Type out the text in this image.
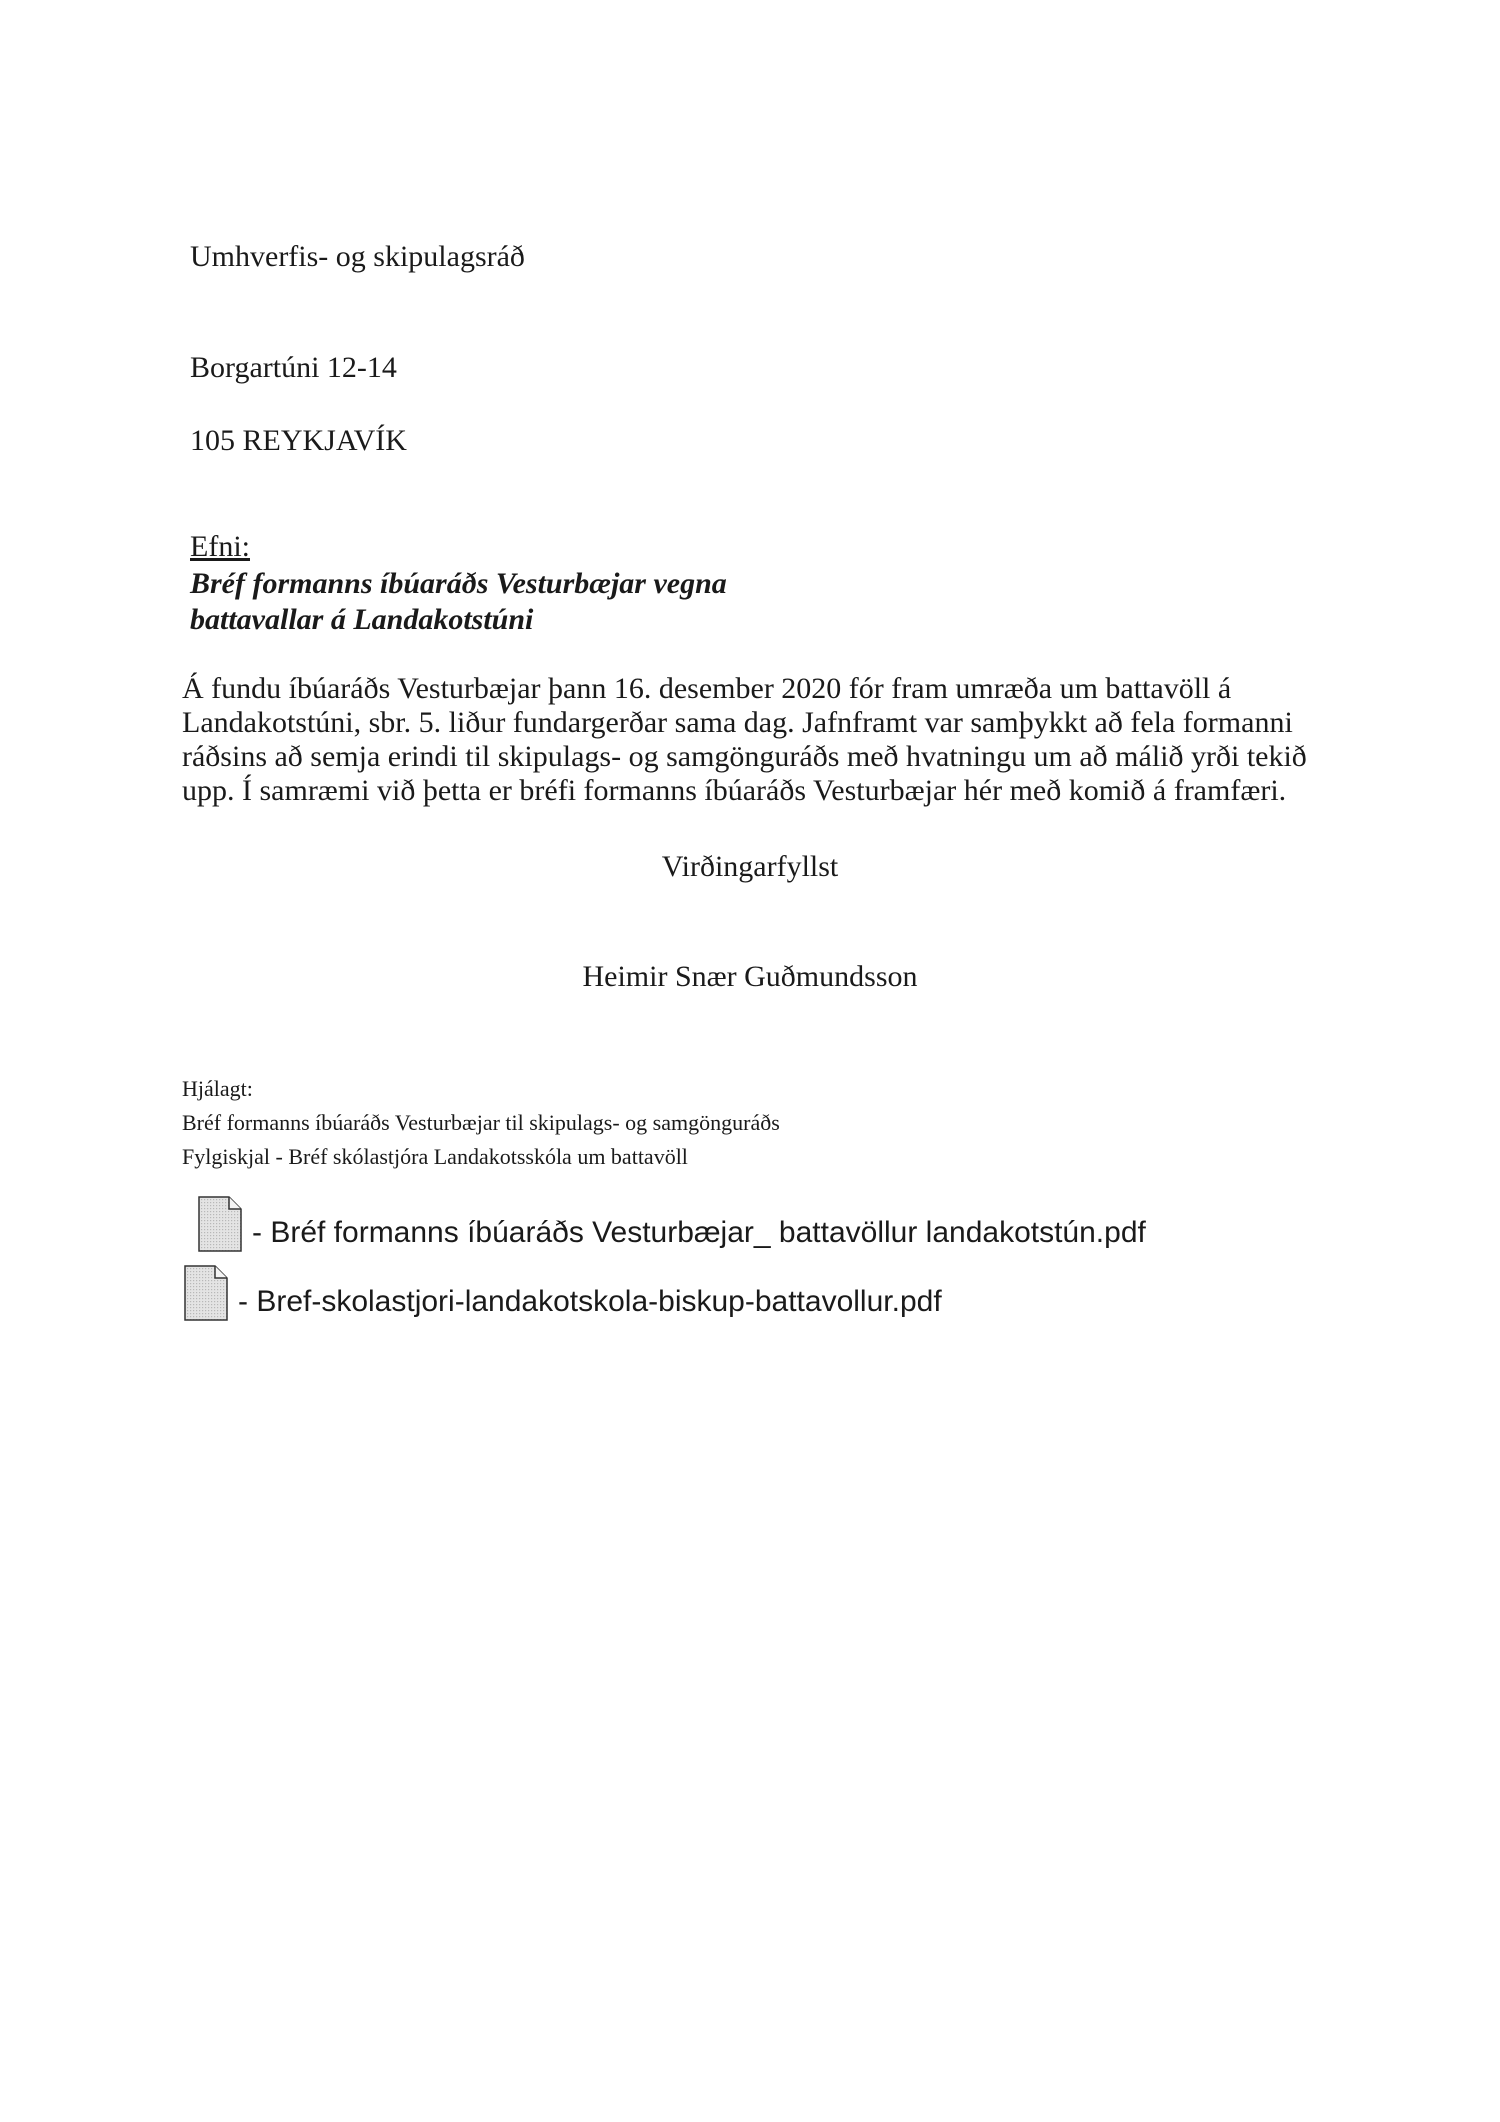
Umhverfis- og skipulagsráð
Borgartúni 12-14
105 REYKJAVÍK
Efni:
Bréf formanns íbúaráðs Vesturbæjar vegna
battavallar á Landakotstúni
Á fundu íbúaráðs Vesturbæjar þann 16. desember 2020 fór fram umræða um battavöll á
Landakotstúni, sbr. 5. liður fundargerðar sama dag. Jafnframt var samþykkt að fela formanni
ráðsins að semja erindi til skipulags- og samgönguráðs með hvatningu um að málið yrði tekið
upp. Í samræmi við þetta er bréfi formanns íbúaráðs Vesturbæjar hér með komið á framfæri.
Virðingarfyllst
Heimir Snær Guðmundsson
Hjálagt:
Bréf formanns íbúaráðs Vesturbæjar til skipulags- og samgönguráðs
Fylgiskjal - Bréf skólastjóra Landakotsskóla um battavöll
- Bréf formanns íbúaráðs Vesturbæjar_ battavöllur landakotstún.pdf
- Bref-skolastjori-landakotskola-biskup-battavollur.pdf
